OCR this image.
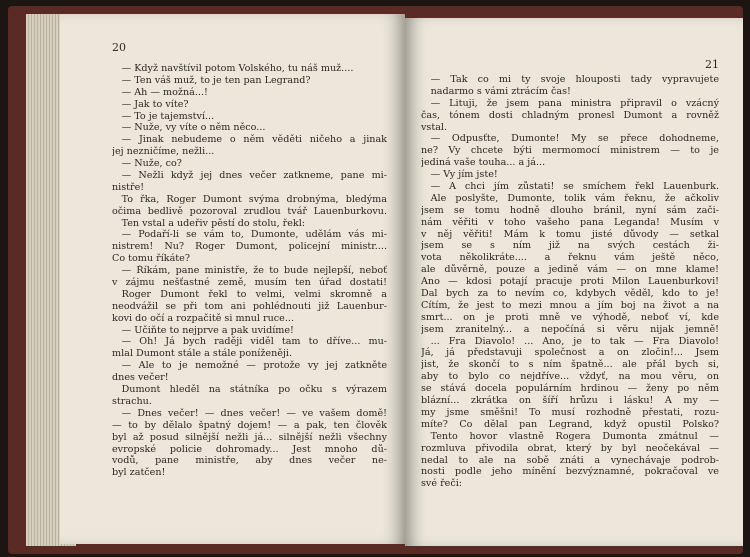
20
 — Když navštívil potom Volského, tu náš muž....
 — Ten váš muž, to je ten pan Legrand?
 — Ah — možná...!
 — Jak to víte?
 — To je tajemství...
 — Nuže, vy víte o něm něco...
 — Jinak nebudeme o něm věděti ničeho a jinak
jej nezničíme, nežli...
 — Nuže, co?
 — Nežli když jej dnes večer zatkneme, pane mi-
nistře!
 To řka, Roger Dumont svýma drobnýma, bledýma
očima bedlivě pozoroval zrudlou tvář Lauenburkovu.
 Ten vstal a udeřiv pěstí do stolu, řekl:
 — Podaří-li se vám to, Dumonte, udělám vás mi-
nistrem! Nu? Roger Dumont, policejní ministr....
Co tomu říkáte?
 — Říkám, pane ministře, že to bude nejlepší, neboť
v zájmu nešťastné země, musím ten úřad dostati!
 Roger Dumont řekl to velmi, velmi skromně a
neodvážil se při tom ani pohlédnouti již Lauenbur-
kovi do očí a rozpačitě si mnul ruce...
 — Učiňte to nejprve a pak uvidíme!
 — Oh! Já bych raději viděl tam to dříve... mu-
mlal Dumont stále a stále poníženěji.
 — Ale to je nemožné — protože vy jej zatkněte
dnes večer!
 Dumont hleděl na státníka po očku s výrazem
strachu.
 — Dnes večer! — dnes večer! — ve vašem domě!
— to by dělalo špatný dojem! — a pak, ten člověk
byl až posud silnější nežli já... silnější nežli všechny
evropské policie dohromady... Jest mnoho dů-
vodů, pane ministře, aby dnes večer ne-
byl zatčen!
21
 — Tak co mi ty svoje hlouposti tady vypravujete
 nadarmo s vámi ztrácím čas!
 — Lituji, že jsem pana ministra připravil o vzácný
čas, tónem dosti chladným pronesl Dumont a rovněž
vstal.
 — Odpusťte, Dumonte! My se přece dohodneme,
ne? Vy chcete býti mermomocí ministrem — to je
jediná vaše touha... a já...
 — Vy jím jste!
 — A chci jím zůstati! se smíchem řekl Lauenburk.
 Ale poslyšte, Dumonte, tolik vám řeknu, že ačkoliv
jsem se tomu hodně dlouho bránil, nyní sám zači-
nám věřiti v toho vašeho pana Leganda! Musím v
v něj věřiti! Mám k tomu jisté důvody — setkal
jsem se s ním již na svých cestách ži-
vota několikráte.... a řeknu vám ještě něco,
ale důvěrně, pouze a jedině vám — on mne klame!
Ano — kdosi potají pracuje proti Milon Lauenburkovi!
Dal bych za to nevím co, kdybych věděl, kdo to je!
Cítím, že jest to mezi mnou a jím boj na život a na
smrt... on je proti mně ve výhodě, neboť ví, kde
jsem zranitelný... a nepočíná si věru nijak jemně!
 ... Fra Diavolo! ... Ano, je to tak — Fra Diavolo!
Já, já představuji společnost a on zločin!... Jsem
jist, že skončí to s ním špatně... ale přál bych si,
aby to bylo co nejdříve... vždyť, na mou věru, on
se stává docela populárním hrdinou — ženy po něm
blázní... zkrátka on šíří hrůzu i lásku! A my —
my jsme směšni! To musí rozhodně přestati, rozu-
míte? Co dělal pan Legrand, když opustil Polsko?
 Tento hovor vlastně Rogera Dumonta zmátnul —
rozmluva přivodila obrat, který by byl neočekával —
nedal to ale na sobě znáti a vynechávaje podrob-
nosti podle jeho mínění bezvýznamné, pokračoval ve
své řeči:
